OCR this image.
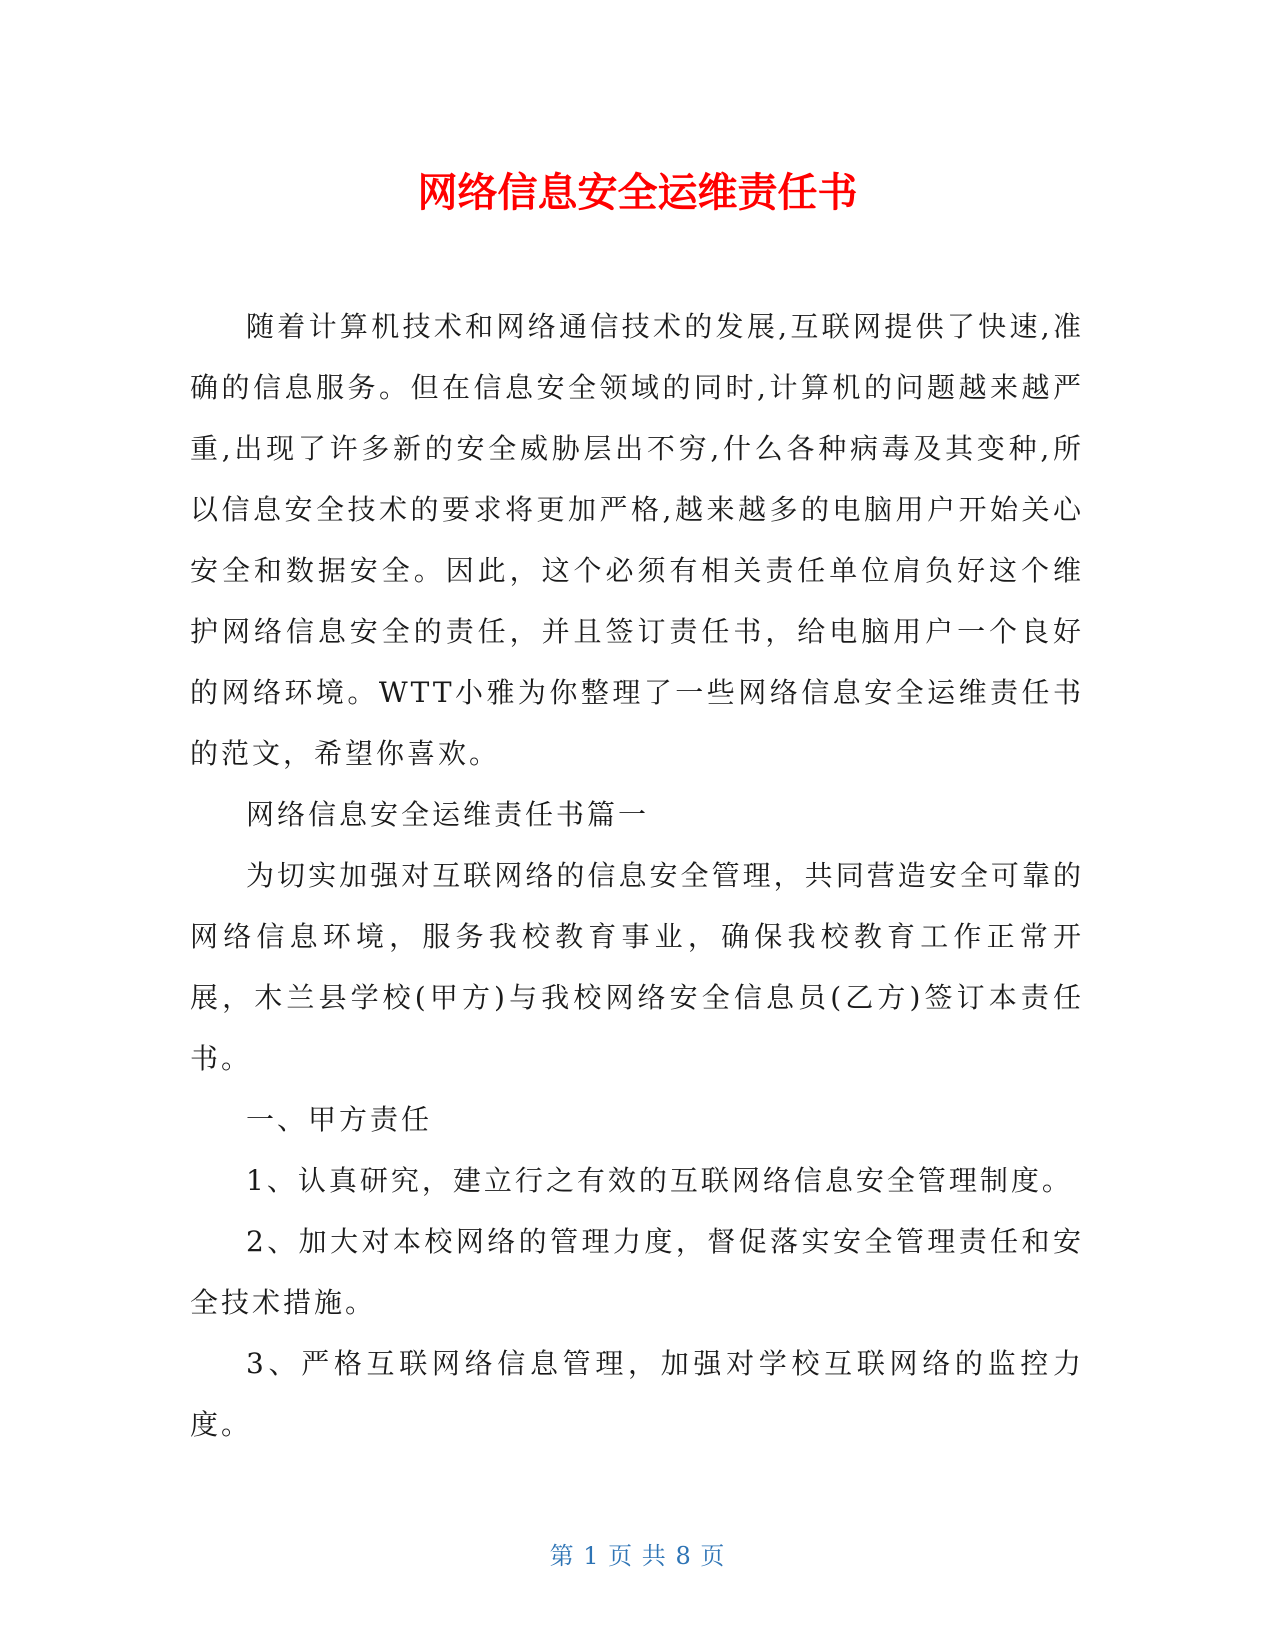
网络信息安全运维责任书

随着计算机技术和网络通信技术的发展,互联网提供了快速,准确的信息服务。但在信息安全领域的同时,计算机的问题越来越严重,出现了许多新的安全威胁层出不穷,什么各种病毒及其变种,所以信息安全技术的要求将更加严格,越来越多的电脑用户开始关心安全和数据安全。因此，这个必须有相关责任单位肩负好这个维护网络信息安全的责任，并且签订责任书，给电脑用户一个良好的网络环境。WTT小雅为你整理了一些网络信息安全运维责任书的范文，希望你喜欢。

网络信息安全运维责任书篇一

为切实加强对互联网络的信息安全管理，共同营造安全可靠的网络信息环境，服务我校教育事业，确保我校教育工作正常开展，木兰县学校(甲方)与我校网络安全信息员(乙方)签订本责任书。

一、甲方责任

1、认真研究，建立行之有效的互联网络信息安全管理制度。

2、加大对本校网络的管理力度，督促落实安全管理责任和安全技术措施。

3、严格互联网络信息管理，加强对学校互联网络的监控力度。

第 1 页 共 8 页
